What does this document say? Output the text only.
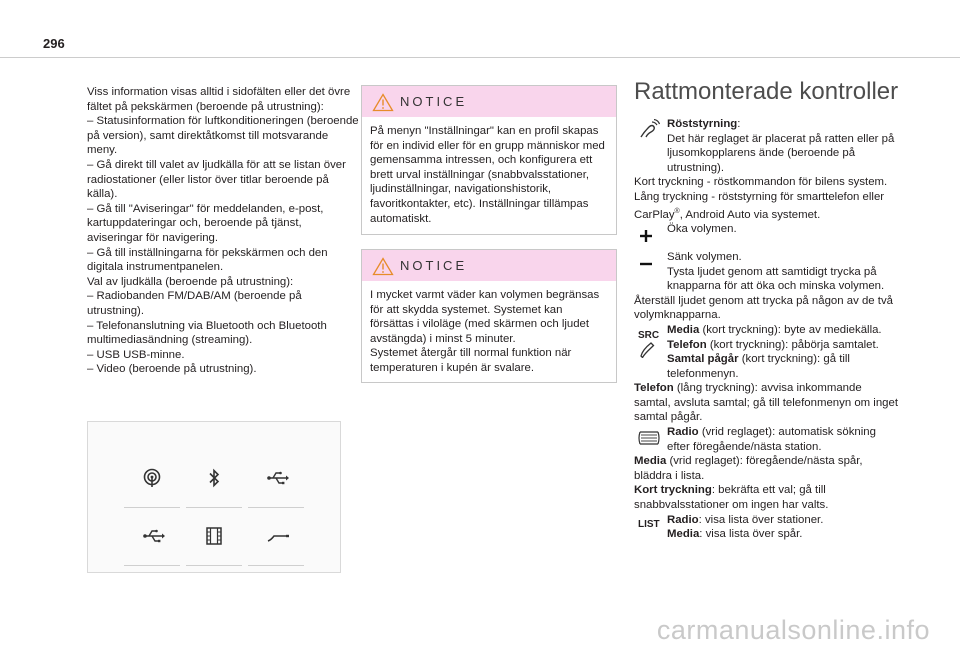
296

Viss information visas alltid i sidofälten eller det övre fältet på pekskärmen (beroende på utrustning):

– Statusinformation för luftkonditioneringen (beroende på version), samt direktåtkomst till motsvarande meny.

– Gå direkt till valet av ljudkälla för att se listan över radiostationer (eller listor över titlar beroende på källa).

– Gå till "Aviseringar" för meddelanden, e-post, kartuppdateringar och, beroende på tjänst, aviseringar för navigering.

– Gå till inställningarna för pekskärmen och den digitala instrumentpanelen.

Val av ljudkälla (beroende på utrustning):

– Radiobanden FM/DAB/AM (beroende på utrustning).

– Telefonanslutning via Bluetooth och Bluetooth multimediasändning (streaming).

– USB USB-minne.

– Video (beroende på utrustning).

NOTICE

På menyn "Inställningar" kan en profil skapas för en individ eller för en grupp människor med gemensamma intressen, och konfigurera ett brett urval inställningar (snabbvalsstationer, ljudinställningar, navigationshistorik, favoritkontakter, etc). Inställningar tillämpas automatiskt.

NOTICE

I mycket varmt väder kan volymen begränsas för att skydda systemet. Systemet kan försättas i viloläge (med skärmen och ljudet avstängda) i minst 5 minuter.

Systemet återgår till normal funktion när temperaturen i kupén är svalare.

Rattmonterade kontroller

Röststyrning:

Det här reglaget är placerat på ratten eller på ljusomkopplarens ände (beroende på utrustning).

Kort tryckning - röstkommandon för bilens system.

Lång tryckning - röststyrning för smarttelefon eller CarPlay®, Android Auto via systemet.

Öka volymen.

Sänk volymen.

Tysta ljudet genom att samtidigt trycka på knapparna för att öka och minska volymen.

Återställ ljudet genom att trycka på någon av de två volymknapparna.

SRC Media (kort tryckning): byte av mediekälla.

Telefon (kort tryckning): påbörja samtalet.

Samtal pågår (kort tryckning): gå till telefonmenyn.

Telefon (lång tryckning): avvisa inkommande samtal, avsluta samtal; gå till telefonmenyn om inget samtal pågår.

Radio (vrid reglaget): automatisk sökning efter föregående/nästa station.

Media (vrid reglaget): föregående/nästa spår, bläddra i lista.

Kort tryckning: bekräfta ett val; gå till snabbvalsstationer om ingen har valts.

LIST Radio: visa lista över stationer.

Media: visa lista över spår.

carmanualsonline.info
